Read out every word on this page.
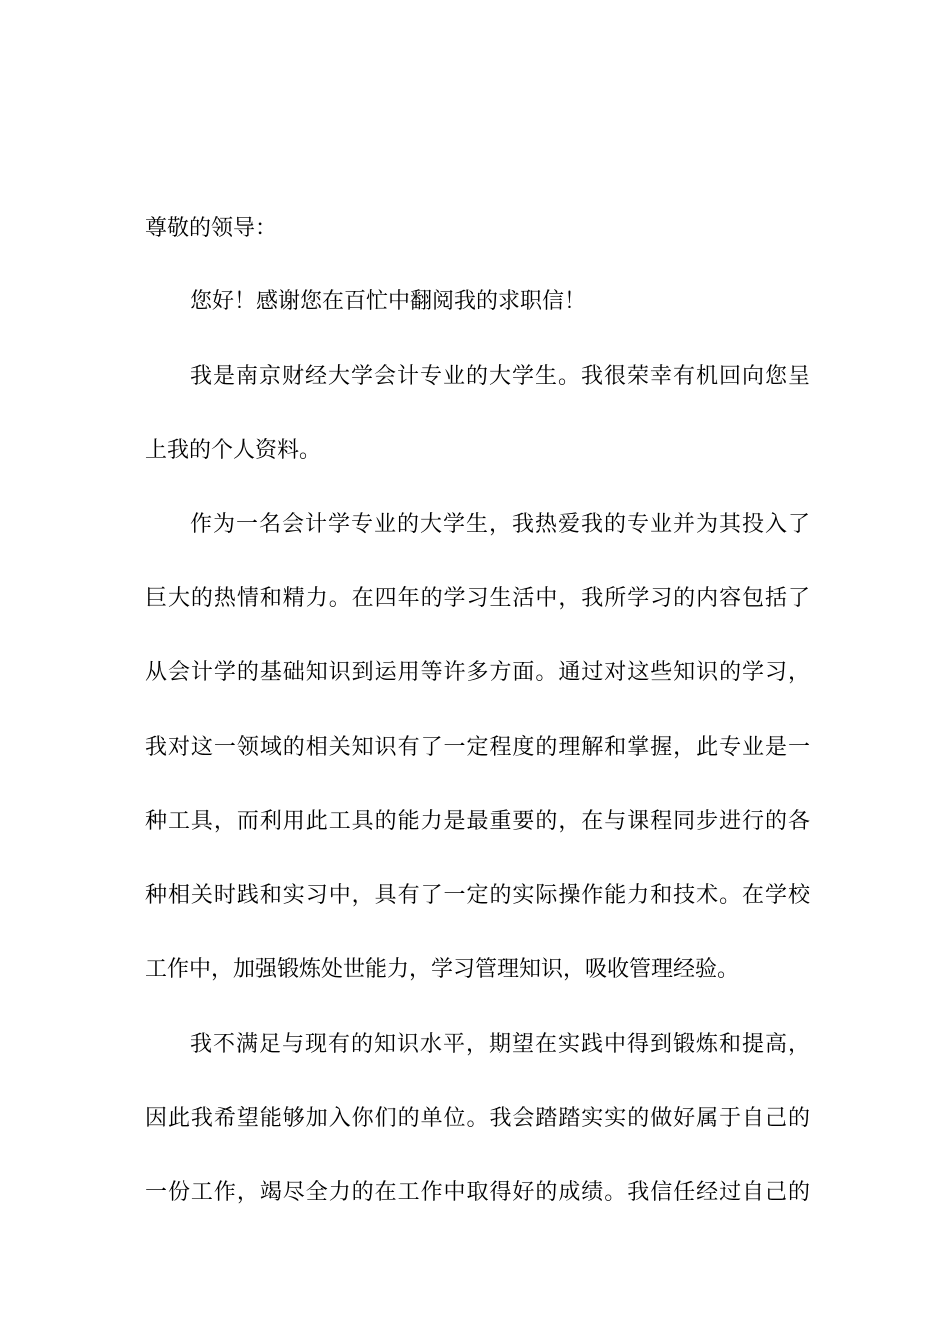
尊敬的领导：
您好！感谢您在百忙中翻阅我的求职信！
我是南京财经大学会计专业的大学生。我很荣幸有机回向您呈
上我的个人资料。
作为一名会计学专业的大学生，我热爱我的专业并为其投入了
巨大的热情和精力。在四年的学习生活中，我所学习的内容包括了
从会计学的基础知识到运用等许多方面。通过对这些知识的学习，
我对这一领域的相关知识有了一定程度的理解和掌握，此专业是一
种工具，而利用此工具的能力是最重要的，在与课程同步进行的各
种相关时践和实习中，具有了一定的实际操作能力和技术。在学校
工作中，加强锻炼处世能力，学习管理知识，吸收管理经验。
我不满足与现有的知识水平，期望在实践中得到锻炼和提高，
因此我希望能够加入你们的单位。我会踏踏实实的做好属于自己的
一份工作，竭尽全力的在工作中取得好的成绩。我信任经过自己的
